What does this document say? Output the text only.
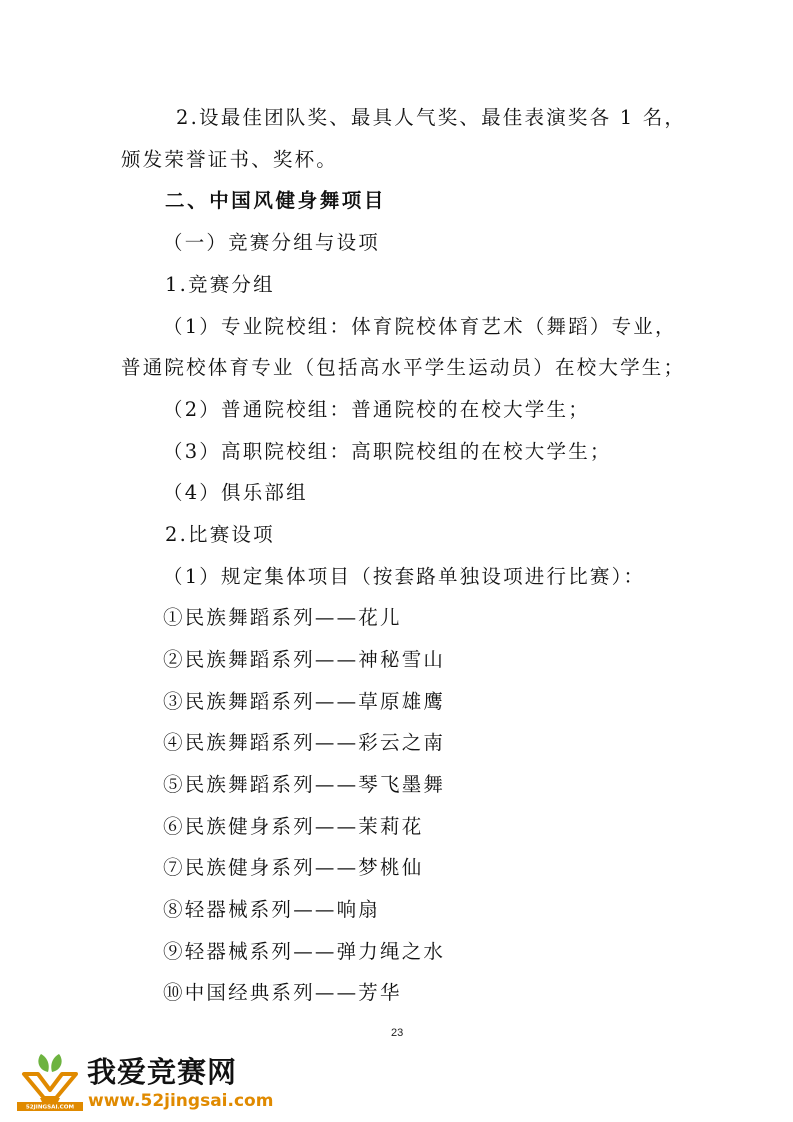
2.设最佳团队奖、最具人气奖、最佳表演奖各 1 名，
颁发荣誉证书、奖杯。
二、中国风健身舞项目
（一）竞赛分组与设项
1.竞赛分组
（1）专业院校组：体育院校体育艺术（舞蹈）专业，
普通院校体育专业（包括高水平学生运动员）在校大学生；
（2）普通院校组：普通院校的在校大学生；
（3）高职院校组：高职院校组的在校大学生；
（4）俱乐部组
2.比赛设项
（1）规定集体项目（按套路单独设项进行比赛）：
①民族舞蹈系列——花儿
②民族舞蹈系列——神秘雪山
③民族舞蹈系列——草原雄鹰
④民族舞蹈系列——彩云之南
⑤民族舞蹈系列——琴飞墨舞
⑥民族健身系列——茉莉花
⑦民族健身系列——梦桃仙
⑧轻器械系列——响扇
⑨轻器械系列——弹力绳之水
⑩中国经典系列——芳华
23
52JINGSAI.COM
我爱竞赛网
www.52jingsai.com
